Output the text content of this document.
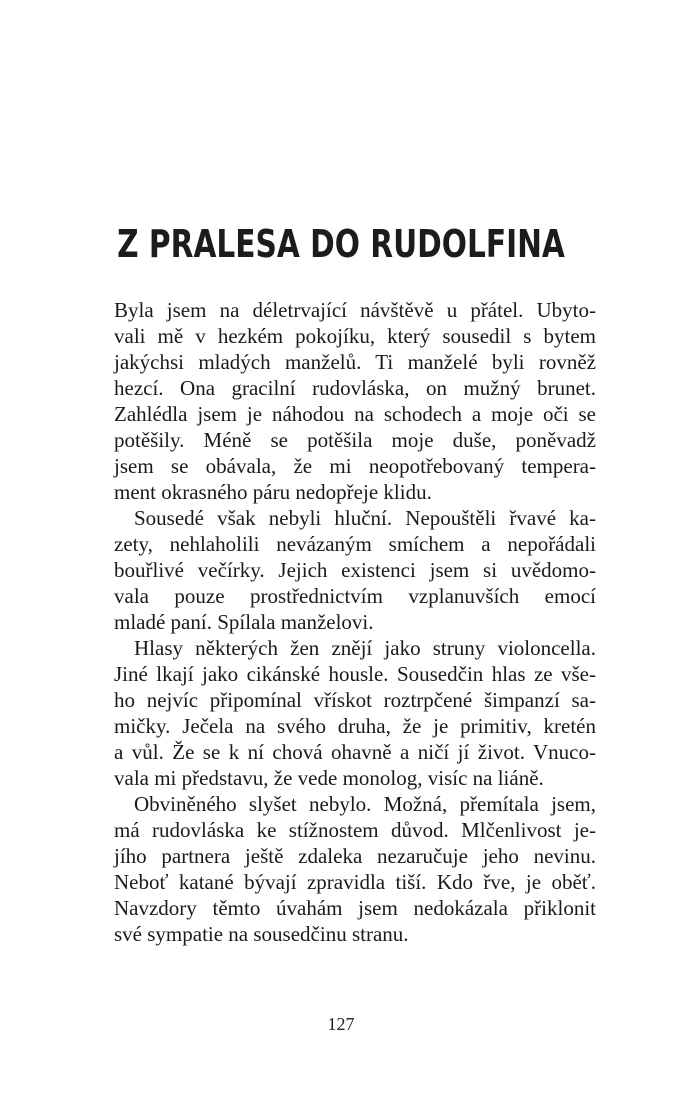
Z PRALESA DO RUDOLFINA
Byla jsem na déletrvající návštěvě u přátel. Ubyto-
vali mě v hezkém pokojíku, který sousedil s bytem
jakýchsi mladých manželů. Ti manželé byli rovněž
hezcí. Ona gracilní rudovláska, on mužný brunet.
Zahlédla jsem je náhodou na schodech a moje oči se
potěšily. Méně se potěšila moje duše, poněvadž
jsem se obávala, že mi neopotřebovaný tempera-
ment okrasného páru nedopřeje klidu.
Sousedé však nebyli hluční. Nepouštěli řvavé ka-
zety, nehlaholili nevázaným smíchem a nepořádali
bouřlivé večírky. Jejich existenci jsem si uvědomo-
vala pouze prostřednictvím vzplanuvších emocí
mladé paní. Spílala manželovi.
Hlasy některých žen znějí jako struny violoncella.
Jiné lkají jako cikánské housle. Sousedčin hlas ze vše-
ho nejvíc připomínal vřískot roztrpčené šimpanzí sa-
mičky. Ječela na svého druha, že je primitiv, kretén
a vůl. Že se k ní chová ohavně a ničí jí život. Vnuco-
vala mi představu, že vede monolog, visíc na liáně.
Obviněného slyšet nebylo. Možná, přemítala jsem,
má rudovláska ke stížnostem důvod. Mlčenlivost je-
jího partnera ještě zdaleka nezaručuje jeho nevinu.
Neboť katané bývají zpravidla tiší. Kdo řve, je oběť.
Navzdory těmto úvahám jsem nedokázala přiklonit
své sympatie na sousedčinu stranu.
127
